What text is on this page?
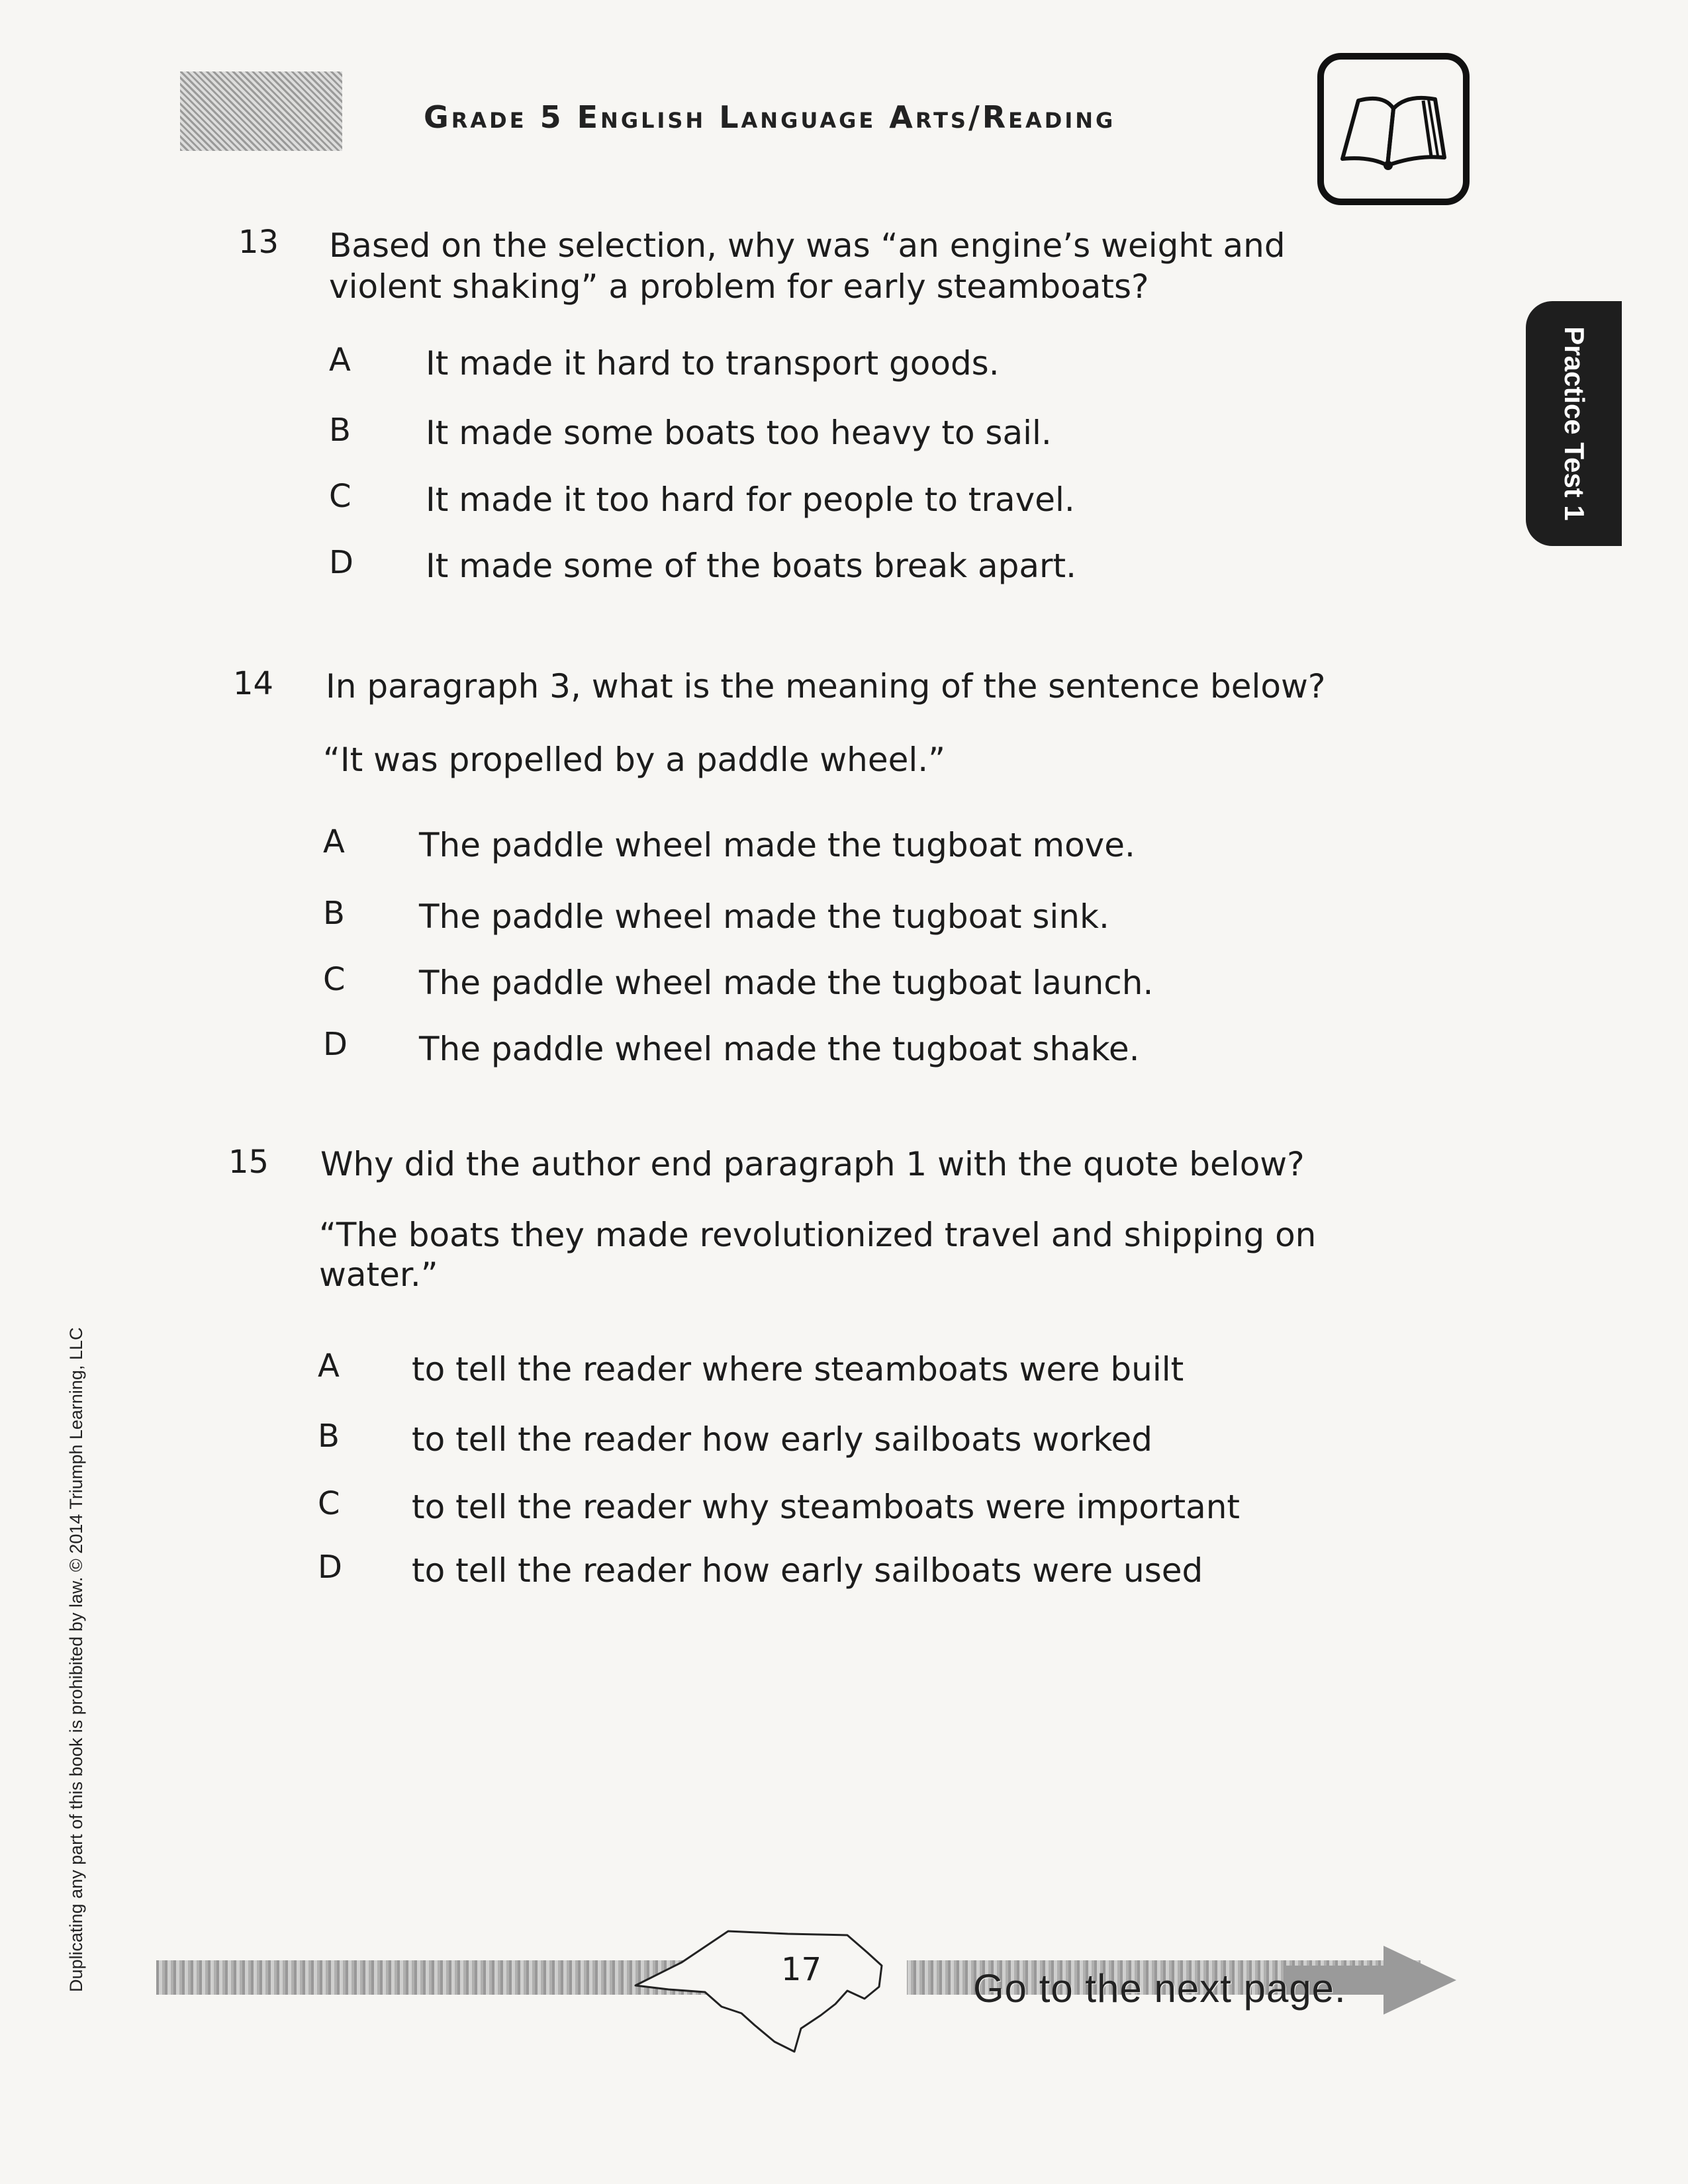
Grade 5 English Language Arts/Reading
Practice Test 1
13 Based on the selection, why was “an engine’s weight and violent shaking” a problem for early steamboats?
A It made it hard to transport goods.
B It made some boats too heavy to sail.
C It made it too hard for people to travel.
D It made some of the boats break apart.
14 In paragraph 3, what is the meaning of the sentence below?
“It was propelled by a paddle wheel.”
A The paddle wheel made the tugboat move.
B The paddle wheel made the tugboat sink.
C The paddle wheel made the tugboat launch.
D The paddle wheel made the tugboat shake.
15 Why did the author end paragraph 1 with the quote below?
“The boats they made revolutionized travel and shipping on water.”
A to tell the reader where steamboats were built
B to tell the reader how early sailboats worked
C to tell the reader why steamboats were important
D to tell the reader how early sailboats were used
17	Go to the next page.
Duplicating any part of this book is prohibited by law. © 2014 Triumph Learning, LLC
